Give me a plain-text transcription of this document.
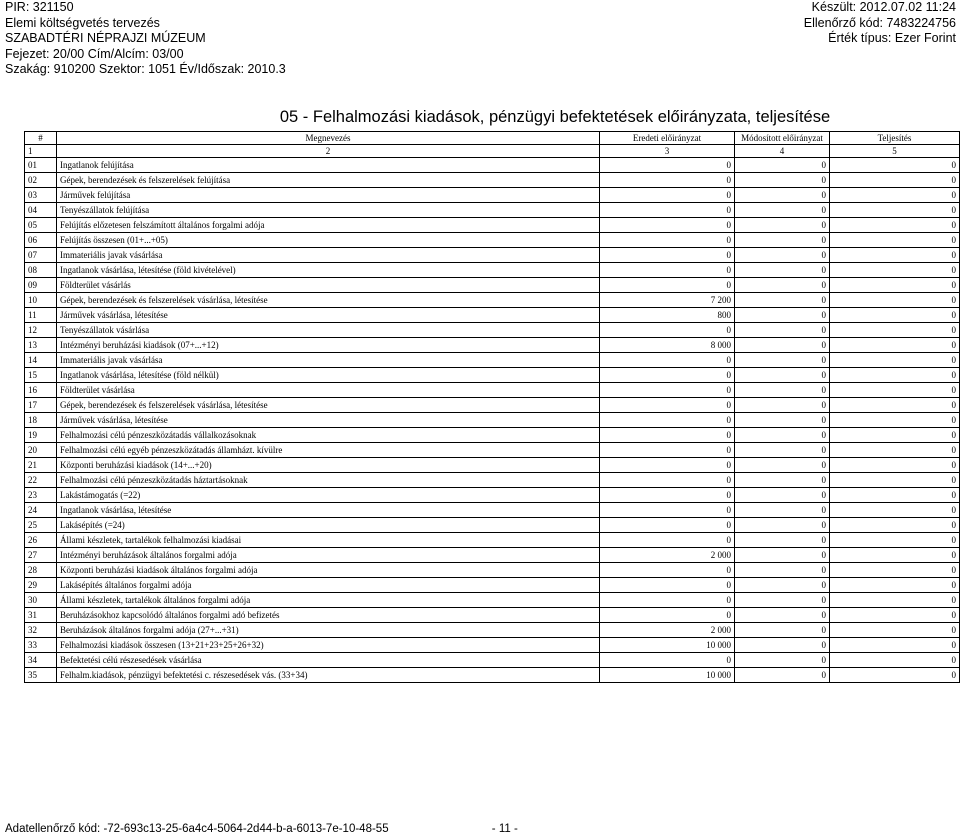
PIR: 321150
Elemi költségvetés tervezés
SZABADTÉRI NÉPRAJZI MÚZEUM
Fejezet: 20/00 Cím/Alcím: 03/00
Szakág: 910200 Szektor: 1051 Év/Időszak: 2010.3
Készült: 2012.07.02 11:24
Ellenőrző kód: 7483224756
Érték típus: Ezer Forint
05 - Felhalmozási kiadások, pénzügyi befektetések előirányzata, teljesítése
#	Megnevezés	Eredeti előirányzat	Módosított előirányzat	Teljesítés
1	2	3	4	5
01	Ingatlanok felújítása	0	0	0
02	Gépek, berendezések és felszerelések felújítása	0	0	0
03	Járművek felújítása	0	0	0
04	Tenyészállatok felújítása	0	0	0
05	Felújítás előzetesen felszámított általános forgalmi adója	0	0	0
06	Felújítás összesen (01+...+05)	0	0	0
07	Immateriális javak vásárlása	0	0	0
08	Ingatlanok vásárlása, létesítése (föld kivételével)	0	0	0
09	Földterület vásárlás	0	0	0
10	Gépek, berendezések és felszerelések vásárlása, létesítése	7 200	0	0
11	Járművek vásárlása, létesítése	800	0	0
12	Tenyészállatok vásárlása	0	0	0
13	Intézményi beruházási kiadások (07+...+12)	8 000	0	0
14	Immateriális javak vásárlása	0	0	0
15	Ingatlanok vásárlása, létesítése (föld nélkül)	0	0	0
16	Földterület vásárlása	0	0	0
17	Gépek, berendezések és felszerelések vásárlása, létesítése	0	0	0
18	Járművek vásárlása, létesítése	0	0	0
19	Felhalmozási célú pénzeszközátadás vállalkozásoknak	0	0	0
20	Felhalmozási célú egyéb pénzeszközátadás államházt. kívülre	0	0	0
21	Központi beruházási kiadások (14+...+20)	0	0	0
22	Felhalmozási célú pénzeszközátadás háztartásoknak	0	0	0
23	Lakástámogatás (=22)	0	0	0
24	Ingatlanok vásárlása, létesítése	0	0	0
25	Lakásépítés (=24)	0	0	0
26	Állami készletek, tartalékok felhalmozási kiadásai	0	0	0
27	Intézményi beruházások általános forgalmi adója	2 000	0	0
28	Központi beruházási kiadások általános forgalmi adója	0	0	0
29	Lakásépítés általános forgalmi adója	0	0	0
30	Állami készletek, tartalékok általános forgalmi adója	0	0	0
31	Beruházásokhoz kapcsolódó általános forgalmi adó befizetés	0	0	0
32	Beruházások általános forgalmi adója (27+...+31)	2 000	0	0
33	Felhalmozási kiadások összesen (13+21+23+25+26+32)	10 000	0	0
34	Befektetési célú részesedések vásárlása	0	0	0
35	Felhalm.kiadások, pénzügyi befektetési c. részesedések vás. (33+34)	10 000	0	0
Adatellenőrző kód: -72-693c13-25-6a4c4-5064-2d44-b-a-6013-7e-10-48-55	- 11 -
